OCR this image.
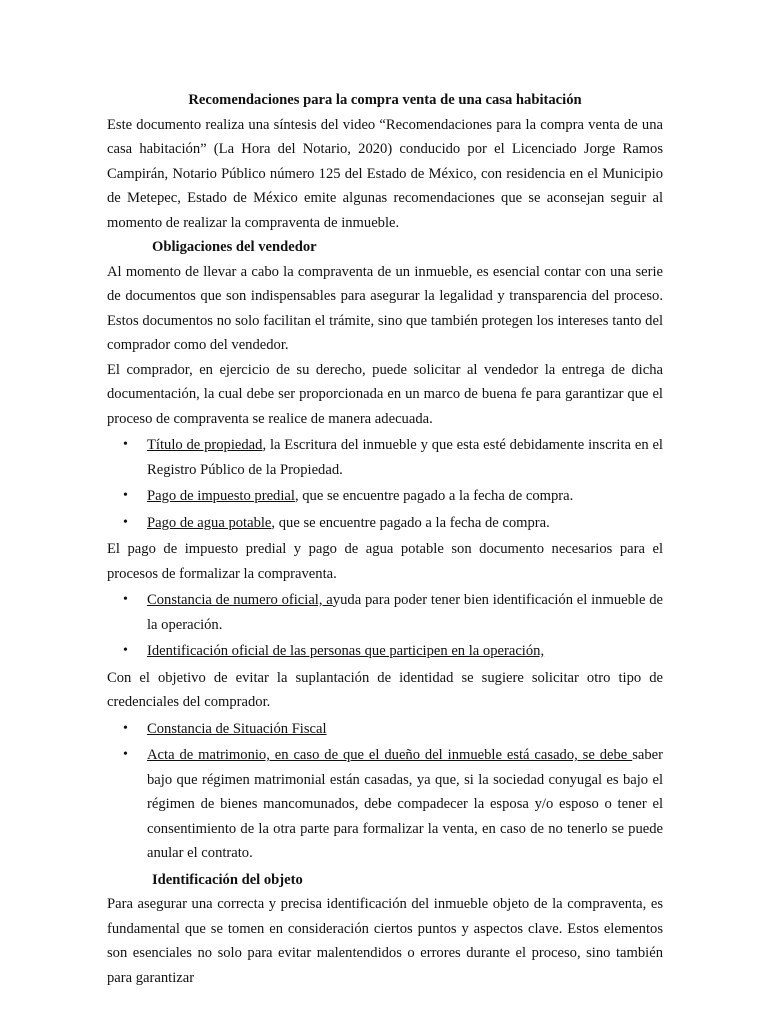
Recomendaciones para la compra venta de una casa habitación

Este documento realiza una síntesis del video “Recomendaciones para la compra venta de una casa habitación” (La Hora del Notario, 2020) conducido por el Licenciado Jorge Ramos Campirán, Notario Público número 125 del Estado de México, con residencia en el Municipio de Metepec, Estado de México emite algunas recomendaciones que se aconsejan seguir al momento de realizar la compraventa de inmueble.

Obligaciones del vendedor

Al momento de llevar a cabo la compraventa de un inmueble, es esencial contar con una serie de documentos que son indispensables para asegurar la legalidad y transparencia del proceso. Estos documentos no solo facilitan el trámite, sino que también protegen los intereses tanto del comprador como del vendedor.

El comprador, en ejercicio de su derecho, puede solicitar al vendedor la entrega de dicha documentación, la cual debe ser proporcionada en un marco de buena fe para garantizar que el proceso de compraventa se realice de manera adecuada.

• Título de propiedad, la Escritura del inmueble y que esta esté debidamente inscrita en el Registro Público de la Propiedad.
• Pago de impuesto predial, que se encuentre pagado a la fecha de compra.
• Pago de agua potable, que se encuentre pagado a la fecha de compra.

El pago de impuesto predial y pago de agua potable son documento necesarios para el procesos de formalizar la compraventa.

• Constancia de numero oficial, ayuda para poder tener bien identificación el inmueble de la operación.
• Identificación oficial de las personas que participen en la operación,

Con el objetivo de evitar la suplantación de identidad se sugiere solicitar otro tipo de credenciales del comprador.

• Constancia de Situación Fiscal
• Acta de matrimonio, en caso de que el dueño del inmueble está casado, se debe saber bajo que régimen matrimonial están casadas, ya que, si la sociedad conyugal es bajo el régimen de bienes mancomunados, debe compadecer la esposa y/o esposo o tener el consentimiento de la otra parte para formalizar la venta, en caso de no tenerlo se puede anular el contrato.

Identificación del objeto

Para asegurar una correcta y precisa identificación del inmueble objeto de la compraventa, es fundamental que se tomen en consideración ciertos puntos y aspectos clave. Estos elementos son esenciales no solo para evitar malentendidos o errores durante el proceso, sino también para garantizar
